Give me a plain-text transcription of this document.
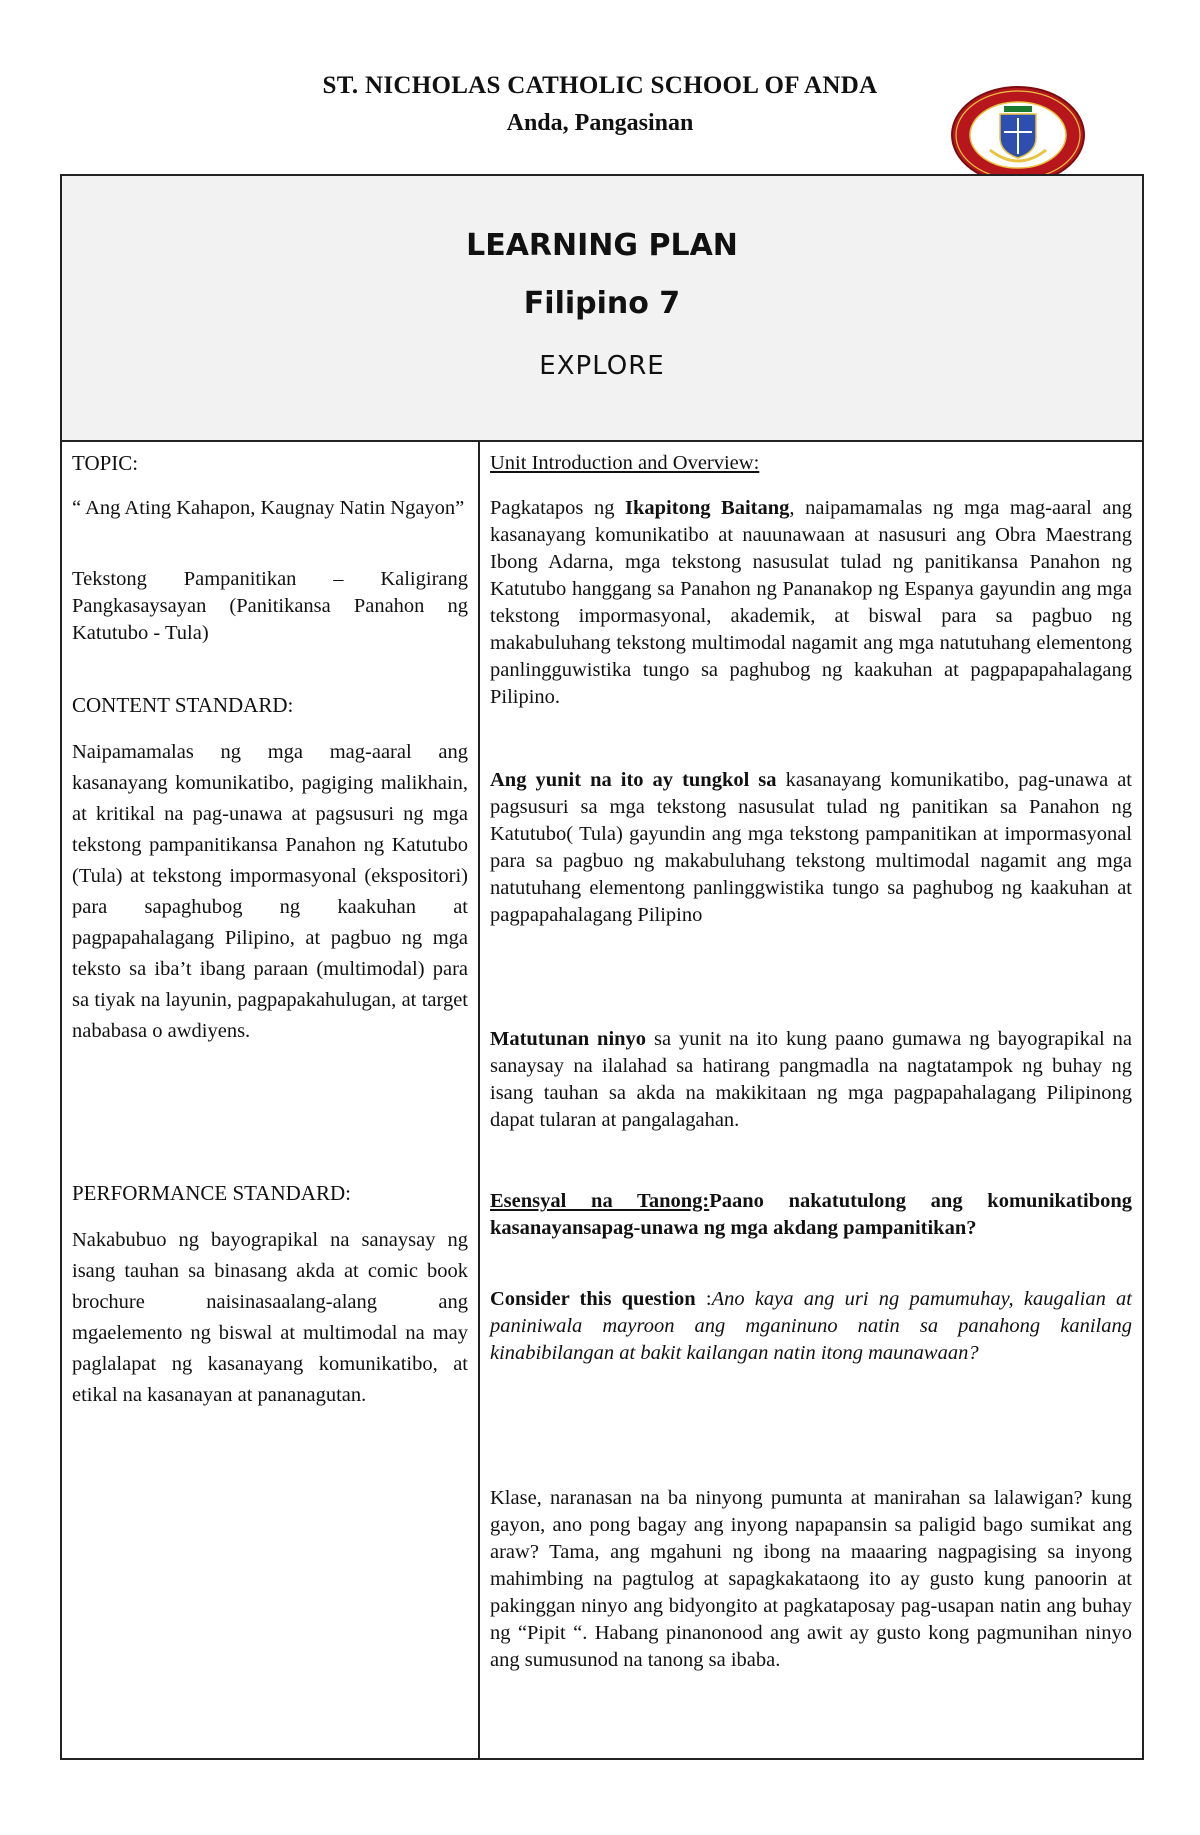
ST. NICHOLAS CATHOLIC SCHOOL OF ANDA
Anda, Pangasinan
LEARNING PLAN
Filipino 7
EXPLORE
TOPIC:
“ Ang Ating Kahapon, Kaugnay Natin Ngayon”
Tekstong Pampanitikan – Kaligirang Pangkasaysayan (Panitikansa Panahon ng Katutubo - Tula)
CONTENT STANDARD:
Naipamamalas ng mga mag-aaral ang kasanayang komunikatibo, pagiging malikhain, at kritikal na pag-unawa at pagsusuri ng mga tekstong pampanitikansa Panahon ng Katutubo (Tula) at tekstong impormasyonal (ekspositori) para sapaghubog ng kaakuhan at pagpapahalagang Pilipino, at pagbuo ng mga teksto sa iba’t ibang paraan (multimodal) para sa tiyak na layunin, pagpapakahulugan, at target nababasa o awdiyens.
PERFORMANCE STANDARD:
Nakabubuo ng bayograpikal na sanaysay ng isang tauhan sa binasang akda at comic book brochure naisinasaalang-alang ang mgaelemento ng biswal at multimodal na may paglalapat ng kasanayang komunikatibo, at etikal na kasanayan at pananagutan.
Unit Introduction and Overview:
Pagkatapos ng Ikapitong Baitang, naipamamalas ng mga mag-aaral ang kasanayang komunikatibo at nauunawaan at nasusuri ang Obra Maestrang Ibong Adarna, mga tekstong nasusulat tulad ng panitikansa Panahon ng Katutubo hanggang sa Panahon ng Pananakop ng Espanya gayundin ang mga tekstong impormasyonal, akademik, at biswal para sa pagbuo ng makabuluhang tekstong multimodal nagamit ang mga natutuhang elementong panlingguwistika tungo sa paghubog ng kaakuhan at pagpapapahalagang Pilipino.
Ang yunit na ito ay tungkol sa kasanayang komunikatibo, pag-unawa at pagsusuri sa mga tekstong nasusulat tulad ng panitikan sa Panahon ng Katutubo( Tula) gayundin ang mga tekstong pampanitikan at impormasyonal para sa pagbuo ng makabuluhang tekstong multimodal nagamit ang mga natutuhang elementong panlinggwistika tungo sa paghubog ng kaakuhan at pagpapahalagang Pilipino
Matutunan ninyo sa yunit na ito kung paano gumawa ng bayograpikal na sanaysay na ilalahad sa hatirang pangmadla na nagtatampok ng buhay ng isang tauhan sa akda na makikitaan ng mga pagpapahalagang Pilipinong dapat tularan at pangalagahan.
Esensyal na Tanong:Paano nakatutulong ang komunikatibong kasanayansapag-unawa ng mga akdang pampanitikan?
Consider this question :Ano kaya ang uri ng pamumuhay, kaugalian at paniniwala mayroon ang mganinuno natin sa panahong kanilang kinabibilangan at bakit kailangan natin itong maunawaan?
Klase, naranasan na ba ninyong pumunta at manirahan sa lalawigan? kung gayon, ano pong bagay ang inyong napapansin sa paligid bago sumikat ang araw? Tama, ang mgahuni ng ibong na maaaring nagpagising sa inyong mahimbing na pagtulog at sapagkakataong ito ay gusto kung panoorin at pakinggan ninyo ang bidyongito at pagkataposay pag-usapan natin ang buhay ng “Pipit “. Habang pinanonood ang awit ay gusto kong pagmunihan ninyo ang sumusunod na tanong sa ibaba.
